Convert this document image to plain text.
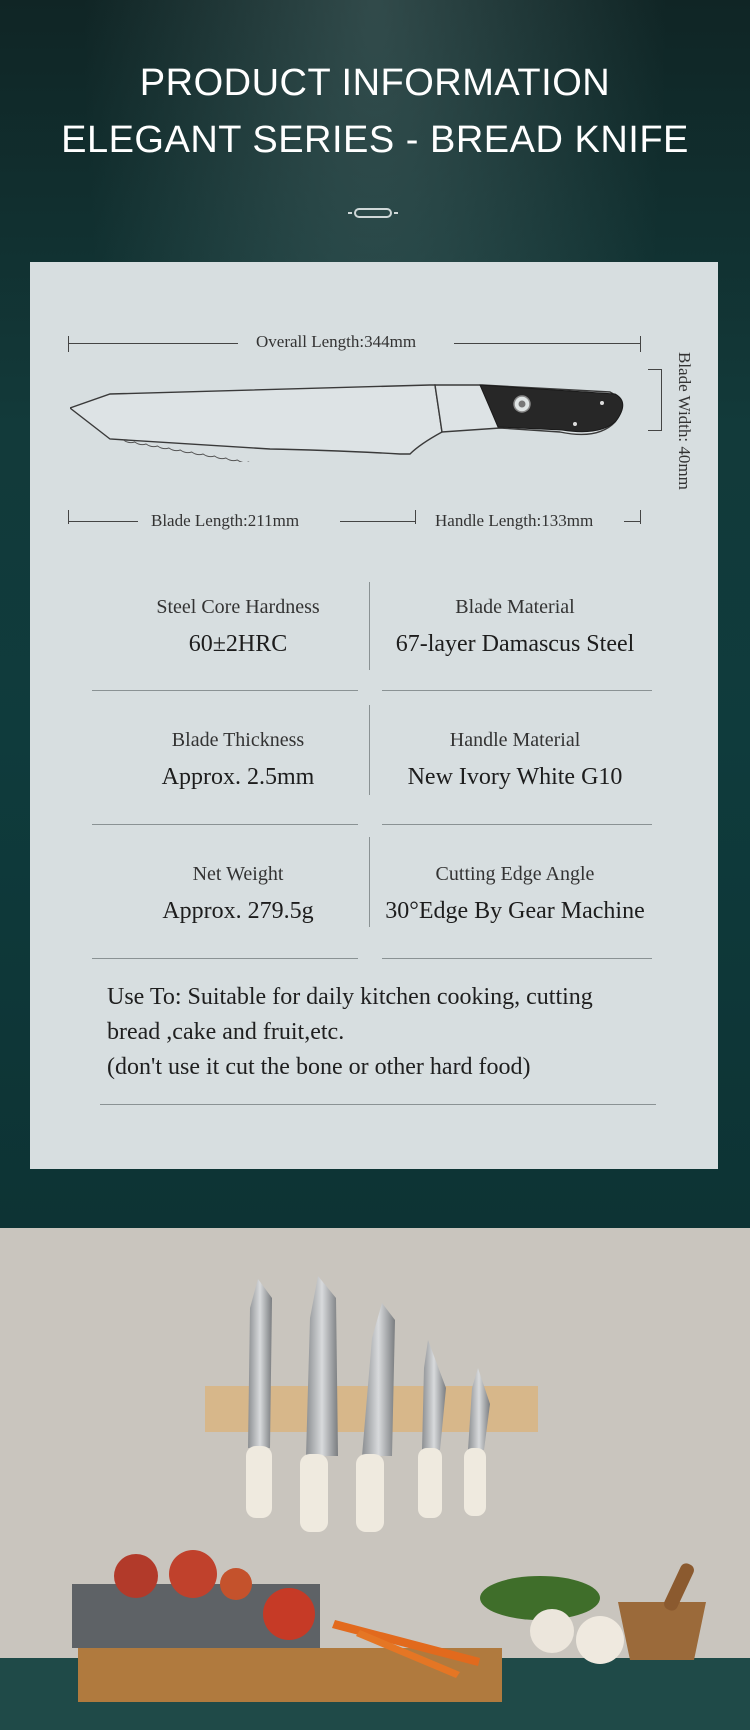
PRODUCT INFORMATION
ELEGANT SERIES - BREAD KNIFE
Overall Length:344mm
Blade Width: 40mm
Blade Length:211mm	Handle Length:133mm
Steel Core Hardness
60±2HRC
Blade Material
67-layer Damascus Steel
Blade Thickness
Approx. 2.5mm
Handle Material
New Ivory White G10
Net Weight
Approx. 279.5g
Cutting Edge Angle
30°Edge By Gear Machine
Use To: Suitable for daily kitchen cooking, cutting
bread ,cake and fruit,etc.
(don't use it cut the bone or other hard food)
